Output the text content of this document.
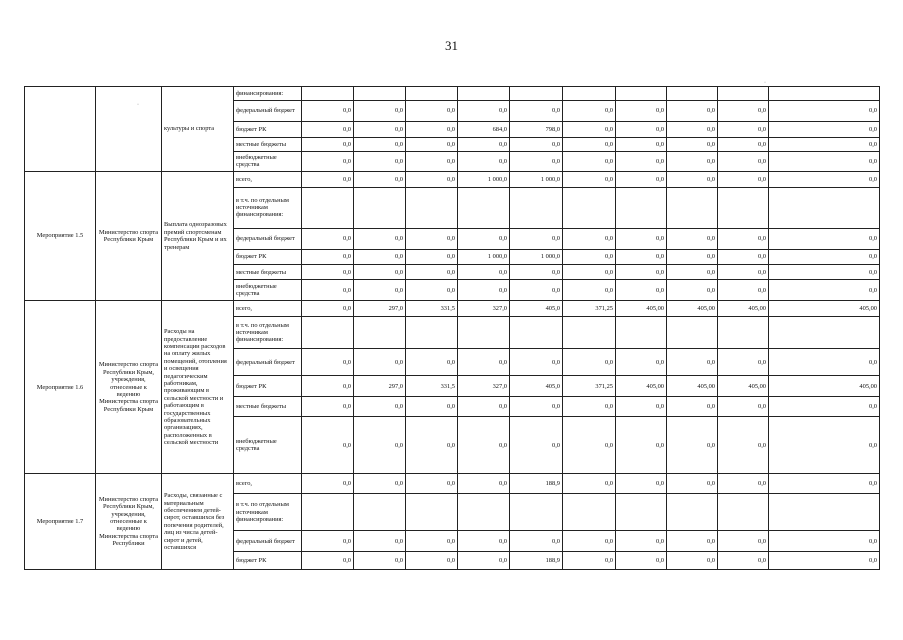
31
		культуры и спорта	финансирования:											
			федеральный бюджет	0,0	0,0	0,0	0,0	0,0	0,0	0,0	0,0	0,0	0,0	
			бюджет РК	0,0	0,0	0,0	684,0	798,0	0,0	0,0	0,0	0,0	0,0	
			местные бюджеты	0,0	0,0	0,0	0,0	0,0	0,0	0,0	0,0	0,0	0,0	
			внебюджетные средства	0,0	0,0	0,0	0,0	0,0	0,0	0,0	0,0	0,0	0,0	
Мероприятие 1.5	Министерство спорта Республики Крым	Выплата однозразовых премий спортсменам Республики Крым и их тренерам	всего,	0,0	0,0	0,0	1 000,0	1 000,0	0,0	0,0	0,0	0,0	0,0	
			в т.ч. по отдельным источникам финансирования:											
			федеральный бюджет	0,0	0,0	0,0	0,0	0,0	0,0	0,0	0,0	0,0	0,0	
			бюджет РК	0,0	0,0	0,0	1 000,0	1 000,0	0,0	0,0	0,0	0,0	0,0	
			местные бюджеты	0,0	0,0	0,0	0,0	0,0	0,0	0,0	0,0	0,0	0,0	
			внебюджетные средства	0,0	0,0	0,0	0,0	0,0	0,0	0,0	0,0	0,0	0,0	
Мероприятие 1.6	Министерство спорта Республики Крым, учреждения, отнесенные к ведению Министерства спорта Республики Крым	Расходы на предоставление компенсации расходов на оплату жилых помещений, отопления и освещения педагогическим работникам, проживающим в сельской местности и работающим в государственных образовательных организациях, расположенных в сельской местности	всего,	0,0	297,0	331,5	327,0	405,0	371,25	405,00	405,00	405,00	405,00	
			в т.ч. по отдельным источникам финансирования:											
			федеральный бюджет	0,0	0,0	0,0	0,0	0,0	0,0	0,0	0,0	0,0	0,0	
			бюджет РК	0,0	297,0	331,5	327,0	405,0	371,25	405,00	405,00	405,00	405,00	
			местные бюджеты	0,0	0,0	0,0	0,0	0,0	0,0	0,0	0,0	0,0	0,0	
			внебюджетные средства	0,0	0,0	0,0	0,0	0,0	0,0	0,0	0,0	0,0	0,0	
Мероприятие 1.7	Министерство спорта Республики Крым, учреждения, отнесенные к ведению Министерства спорта Республики	Расходы, связанные с материальным обеспечением детей-сирот, оставшихся без попечения родителей, лиц из числа детей-сирот и детей, оставшихся	всего,	0,0	0,0	0,0	0,0	188,9	0,0	0,0	0,0	0,0	0,0	
			в т.ч. по отдельным источникам финансирования:											
			федеральный бюджет	0,0	0,0	0,0	0,0	0,0	0,0	0,0	0,0	0,0	0,0	
			бюджет РК	0,0	0,0	0,0	0,0	188,9	0,0	0,0	0,0	0,0	0,0	
·
·
